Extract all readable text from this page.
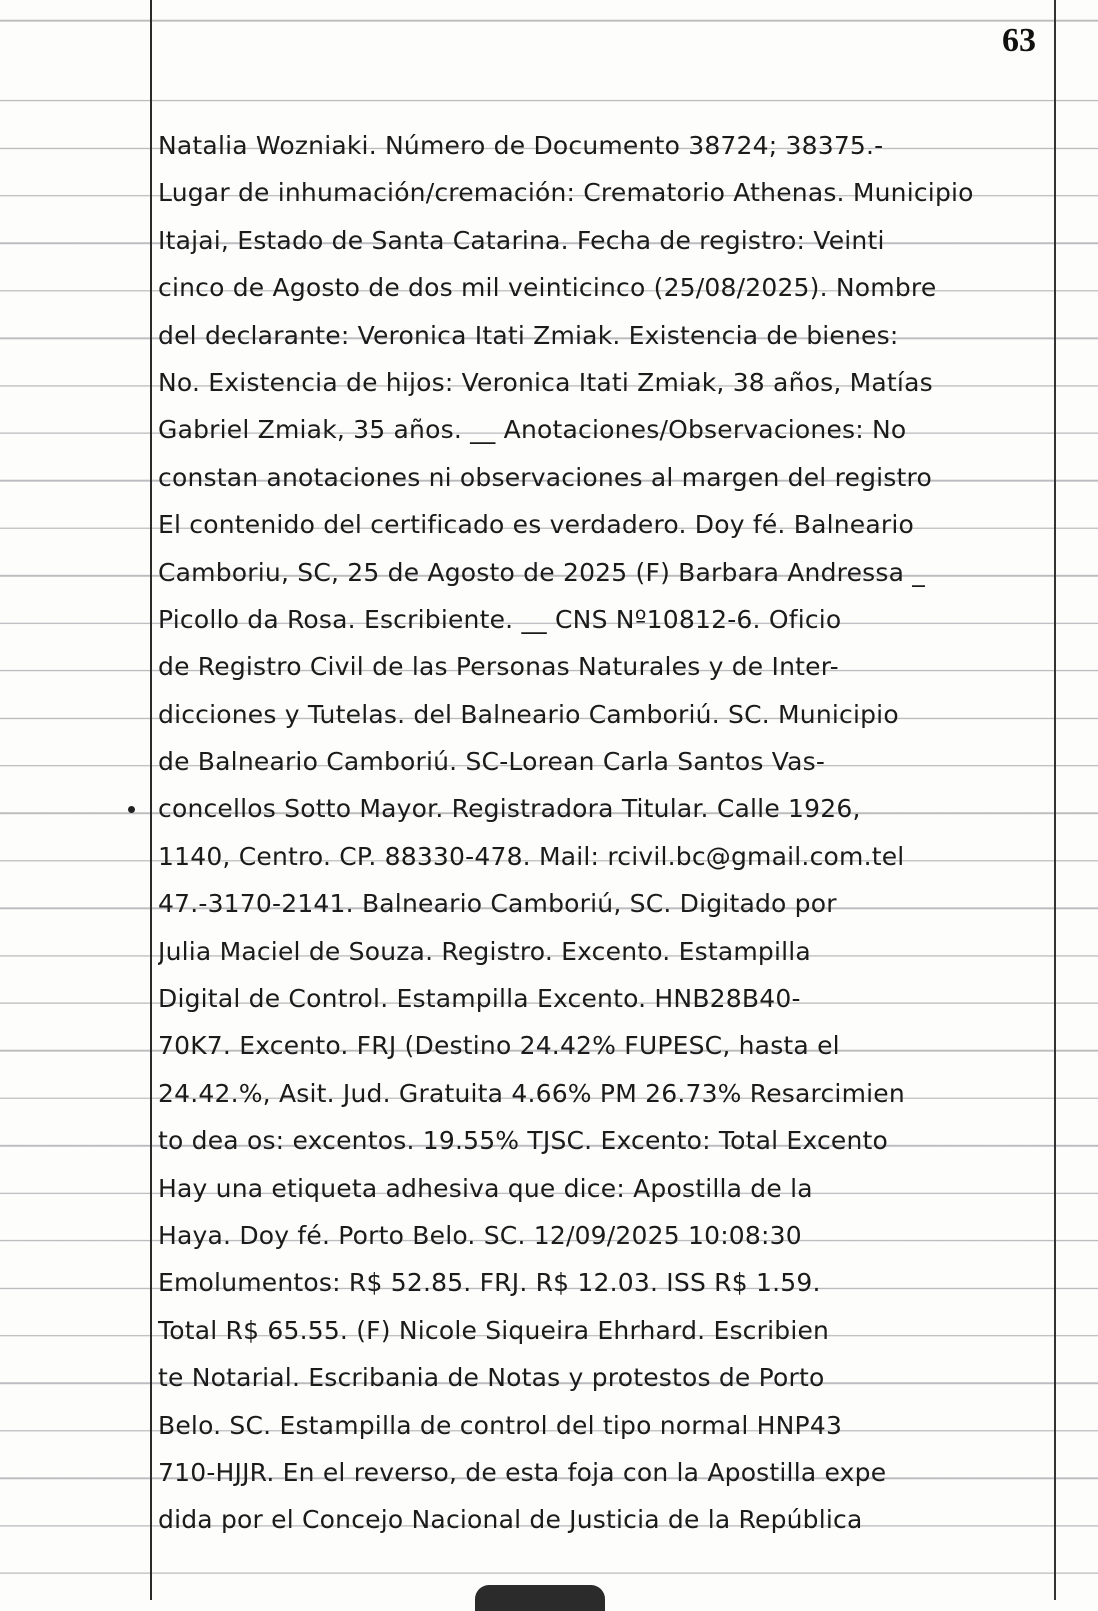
63
Natalia Wozniaki. Número de Documento 38724; 38375.-
Lugar de inhumación/cremación: Crematorio Athenas. Municipio
Itajai, Estado de Santa Catarina. Fecha de registro: Veinti
cinco de Agosto de dos mil veinticinco (25/08/2025). Nombre
del declarante: Veronica Itati Zmiak. Existencia de bienes:
No. Existencia de hijos: Veronica Itati Zmiak, 38 años, Matías
Gabriel Zmiak, 35 años. __ Anotaciones/Observaciones: No
constan anotaciones ni observaciones al margen del registro
El contenido del certificado es verdadero. Doy fé. Balneario
Camboriu, SC, 25 de Agosto de 2025 (F) Barbara Andressa _
Picollo da Rosa. Escribiente. __ CNS Nº10812-6. Oficio
de Registro Civil de las Personas Naturales y de Inter-
dicciones y Tutelas. del Balneario Camboriú. SC. Municipio
de Balneario Camboriú. SC-Lorean Carla Santos Vas-
concellos Sotto Mayor. Registradora Titular. Calle 1926,
1140, Centro. CP. 88330-478. Mail: rcivil.bc@gmail.com.tel
47.-3170-2141. Balneario Camboriú, SC. Digitado por
Julia Maciel de Souza. Registro. Excento. Estampilla
Digital de Control. Estampilla Excento. HNB28B40-
70K7. Excento. FRJ (Destino 24.42% FUPESC, hasta el
24.42.%, Asit. Jud. Gratuita 4.66% PM 26.73% Resarcimien
to dea os: excentos. 19.55% TJSC. Excento: Total Excento
Hay una etiqueta adhesiva que dice: Apostilla de la
Haya. Doy fé. Porto Belo. SC. 12/09/2025 10:08:30
Emolumentos: R$ 52.85. FRJ. R$ 12.03. ISS R$ 1.59.
Total R$ 65.55. (F) Nicole Siqueira Ehrhard. Escribien
te Notarial. Escribania de Notas y protestos de Porto
Belo. SC. Estampilla de control del tipo normal HNP43
710-HJJR. En el reverso, de esta foja con la Apostilla expe
dida por el Concejo Nacional de Justicia de la República
